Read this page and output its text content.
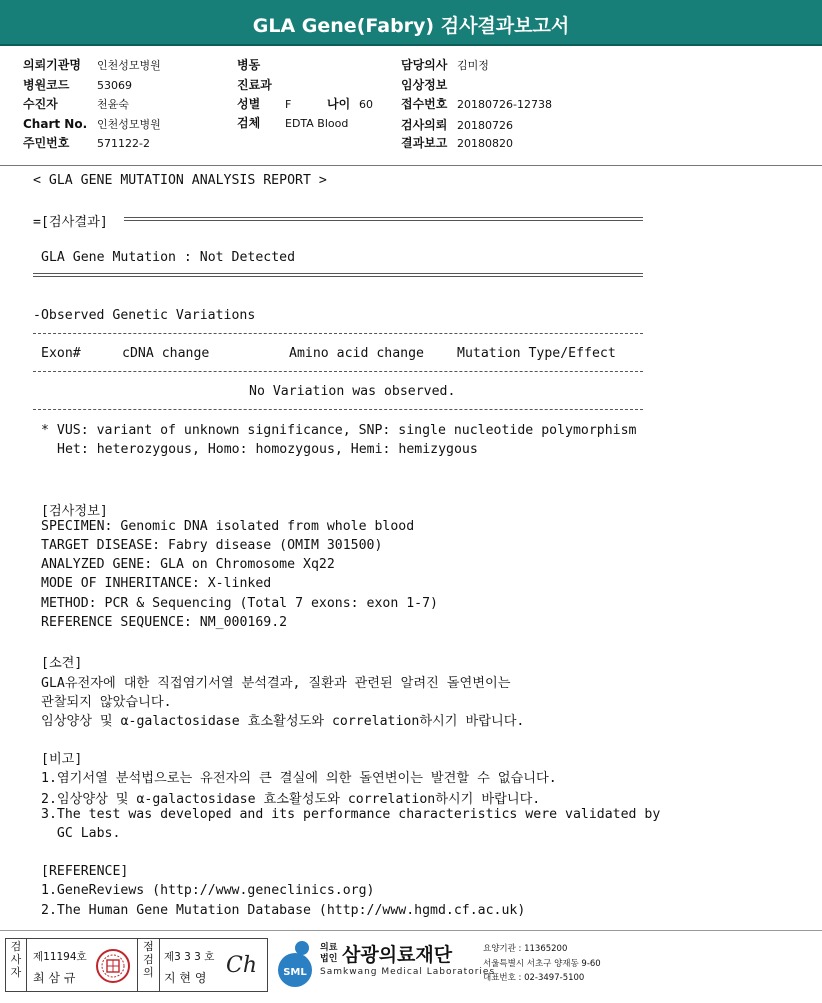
GLA Gene(Fabry) 검사결과보고서
의뢰기관명 인천성모병원
병원코드	53069
수진자	천윤숙
Chart No. 인천성모병원
주민번호	571122-2
병동
진료과
성별 F	나이 60
검체 EDTA Blood
담당의사 김미정
임상정보
접수번호 20180726-12738
검사의뢰 20180726
결과보고 20180820
< GLA GENE MUTATION ANALYSIS REPORT >
=[검사결과]
GLA Gene Mutation : Not Detected
-Observed Genetic Variations
Exon#	cDNA change	Amino acid change	Mutation Type/Effect
No Variation was observed.
* VUS: variant of unknown significance, SNP: single nucleotide polymorphism
Het: heterozygous, Homo: homozygous, Hemi: hemizygous
[검사정보]
SPECIMEN: Genomic DNA isolated from whole blood
TARGET DISEASE: Fabry disease (OMIM 301500)
ANALYZED GENE: GLA on Chromosome Xq22
MODE OF INHERITANCE: X-linked
METHOD: PCR & Sequencing (Total 7 exons: exon 1-7)
REFERENCE SEQUENCE: NM_000169.2
[소견]
GLA유전자에 대한 직접염기서열 분석결과, 질환과 관련된 알려진 돌연변이는
관찰되지 않았습니다.
임상양상 및 α-galactosidase 효소활성도와 correlation하시기 바랍니다.
[비고]
1.염기서열 분석법으로는 유전자의 큰 결실에 의한 돌연변이는 발견할 수 없습니다.
2.임상양상 및 α-galactosidase 효소활성도와 correlation하시기 바랍니다.
3.The test was developed and its performance characteristics were validated by
GC Labs.
[REFERENCE]
1.GeneReviews (http://www.geneclinics.org)
2.The Human Gene Mutation Database (http://www.hgmd.cf.ac.uk)
검사자
제11194호
최 삼 규
점검의
제3 3 3 호
지 현 영 Ch	SML
의료
법인 삼광의료재단
Samkwang Medical Laboratories
요양기관 : 11365200
서울특별시 서초구 양재동 9-60
대표번호 : 02-3497-5100
